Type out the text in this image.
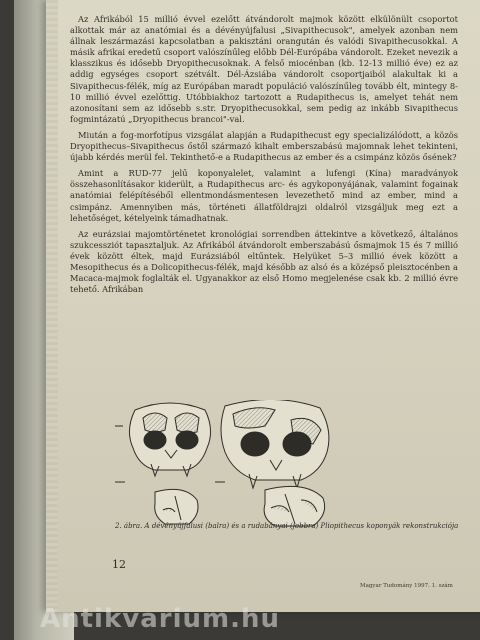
Az Afrikából 15 millió évvel ezelőtt átvándorolt majmok között elkülönült csoportot alkottak már az anatómiai és a dévényújfalusi „Sivapithecusok", amelyek azonban nem állnak leszármazási kapcsolatban a pakisztáni orangután és valódi Sivapithecusokkal. A másik afrikai eredetű csoport valószínűleg előbb Dél-Európába vándorolt. Ezeket nevezik a klasszikus és idősebb Dryopithecusoknak. A felső miocénban (kb. 12-13 millió éve) ez az addig egységes csoport szétvált. Dél-Ázsiába vándorolt csoportjaiból alakultak ki a Sivapithecus-félék, míg az Európában maradt populáció valószínűleg tovább élt, mintegy 8-10 millió évvel ezelőttig. Utóbbiakhoz tartozott a Rudapithecus is, amelyet tehát nem azonosítani sem az idősebb s.str. Dryopithecusokkal, sem pedig az inkább Sivapithecus fogmintázatú „Dryopithecus brancoi"-val.

Miután a fog-morfotípus vizsgálat alapján a Rudapithecust egy specializálódott, a közös Dryopithecus–Sivapithecus őstől származó kihalt emberszabású majomnak lehet tekinteni, újabb kérdés merül fel. Tekinthető-e a Rudapithecus az ember és a csimpánz közös ősének?

Amint a RUD-77 jelű koponyalelet, valamint a lufengi (Kína) maradványok összehasonlításakor kiderült, a Rudapithecus arc- és agykoponyájának, valamint fogainak anatómiai felépítéséből ellentmondásmentesen levezethető mind az ember, mind a csimpánz. Amennyiben más, történeti állatföldrajzi oldalról vizsgáljuk meg ezt a lehetőséget, kételyeink támadhatnak.

Az eurázsiai majomtörténetet kronológiai sorrendben áttekintve a következő, általános szukcessziót tapasztaljuk. Az Afrikából átvándorolt emberszabású ősmajmok 15 és 7 millió évek között éltek, majd Eurázsiából eltűntek. Helyüket 5–3 millió évek között a Mesopithecus és a Dolicopithecus-félék, majd később az alsó és a középső pleisztocénben a Macaca-majmok foglalták el. Ugyanakkor az első Homo megjelenése csak kb. 2 millió évre tehető. Afrikában

2. ábra. A dévényújfalusi (balra) és a rudabányai (jobbra) Pliopithecus koponyák rekonstrukciója
12
Magyar Tudomány 1997. 1. szám
Antikvarium.hu
